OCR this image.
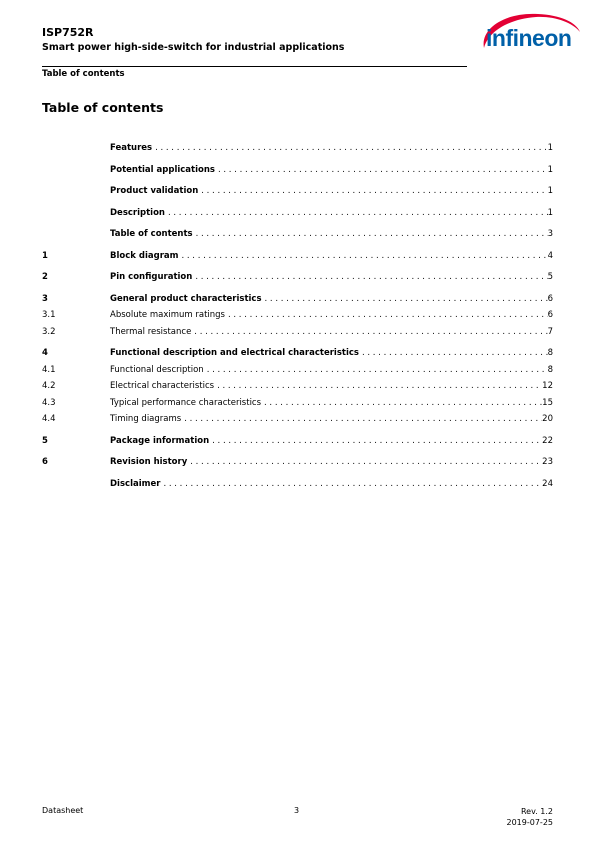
ISP752R
Smart power high-side-switch for industrial applications
Table of contents
infineon
Table of contents
Features . . .	1
Potential applications . . .	1
Product validation . . .	1
Description . . .	1
Table of contents . . .	3
1	Block diagram . . .	4
2	Pin configuration . . .	5
3	General product characteristics . . .	6
3.1	Absolute maximum ratings . . .	6
3.2	Thermal resistance . . .	7
4	Functional description and electrical characteristics . . .	8
4.1	Functional description . . .	8
4.2	Electrical characteristics . . .	12
4.3	Typical performance characteristics . . .	15
4.4	Timing diagrams . . .	20
5	Package information . . .	22
6	Revision history . . .	23
Disclaimer . . .	24
Datasheet	3	Rev. 1.2
2019-07-25
